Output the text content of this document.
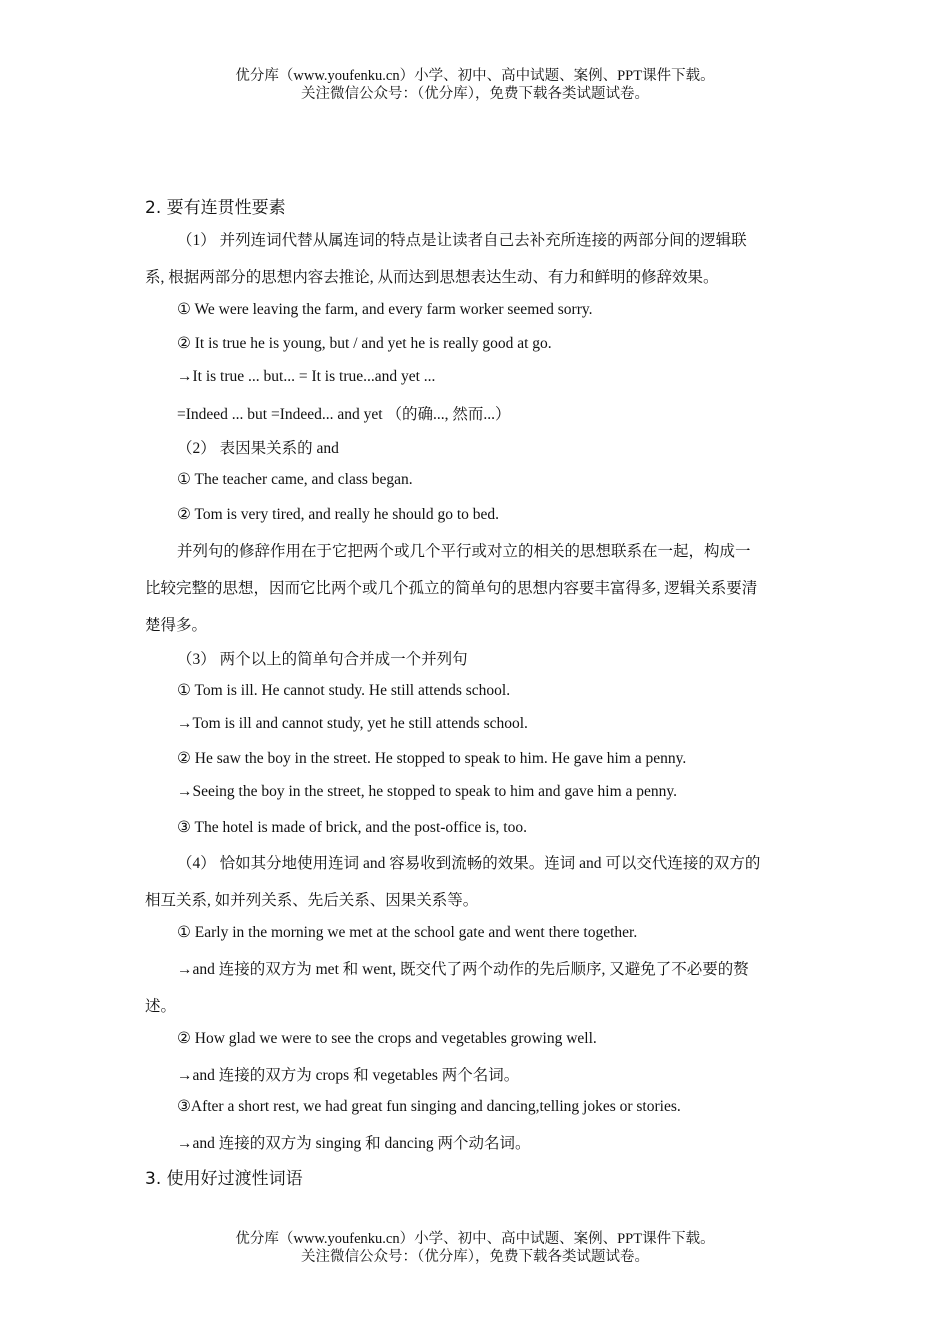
优分库（www.youfenku.cn）小学、初中、高中试题、案例、PPT课件下载。
关注微信公众号：（优分库），免费下载各类试题试卷。
2. 要有连贯性要素
（1） 并列连词代替从属连词的特点是让读者自己去补充所连接的两部分间的逻辑联
系, 根据两部分的思想内容去推论, 从而达到思想表达生动、有力和鲜明的修辞效果。
① We were leaving the farm, and every farm worker seemed sorry.
② It is true he is young, but / and yet he is really good at go.
→It is true ... but... = It is true...and yet ...
=Indeed ... but =Indeed... and yet （的确..., 然而...）
（2） 表因果关系的 and
① The teacher came, and class began.
② Tom is very tired, and really he should go to bed.
并列句的修辞作用在于它把两个或几个平行或对立的相关的思想联系在一起，构成一
比较完整的思想，因而它比两个或几个孤立的简单句的思想内容要丰富得多, 逻辑关系要清
楚得多。
（3） 两个以上的简单句合并成一个并列句
① Tom is ill. He cannot study. He still attends school.
→Tom is ill and cannot study, yet he still attends school.
② He saw the boy in the street. He stopped to speak to him. He gave him a penny.
→Seeing the boy in the street, he stopped to speak to him and gave him a penny.
③ The hotel is made of brick, and the post-office is, too.
（4） 恰如其分地使用连词 and 容易收到流畅的效果。连词 and 可以交代连接的双方的
相互关系, 如并列关系、先后关系、因果关系等。
① Early in the morning we met at the school gate and went there together.
→and 连接的双方为 met 和 went, 既交代了两个动作的先后顺序, 又避免了不必要的赘
述。
② How glad we were to see the crops and vegetables growing well.
→and 连接的双方为 crops 和 vegetables 两个名词。
③After a short rest, we had great fun singing and dancing,telling jokes or stories.
→and 连接的双方为 singing 和 dancing 两个动名词。
3. 使用好过渡性词语
优分库（www.youfenku.cn）小学、初中、高中试题、案例、PPT课件下载。
关注微信公众号：（优分库），免费下载各类试题试卷。
